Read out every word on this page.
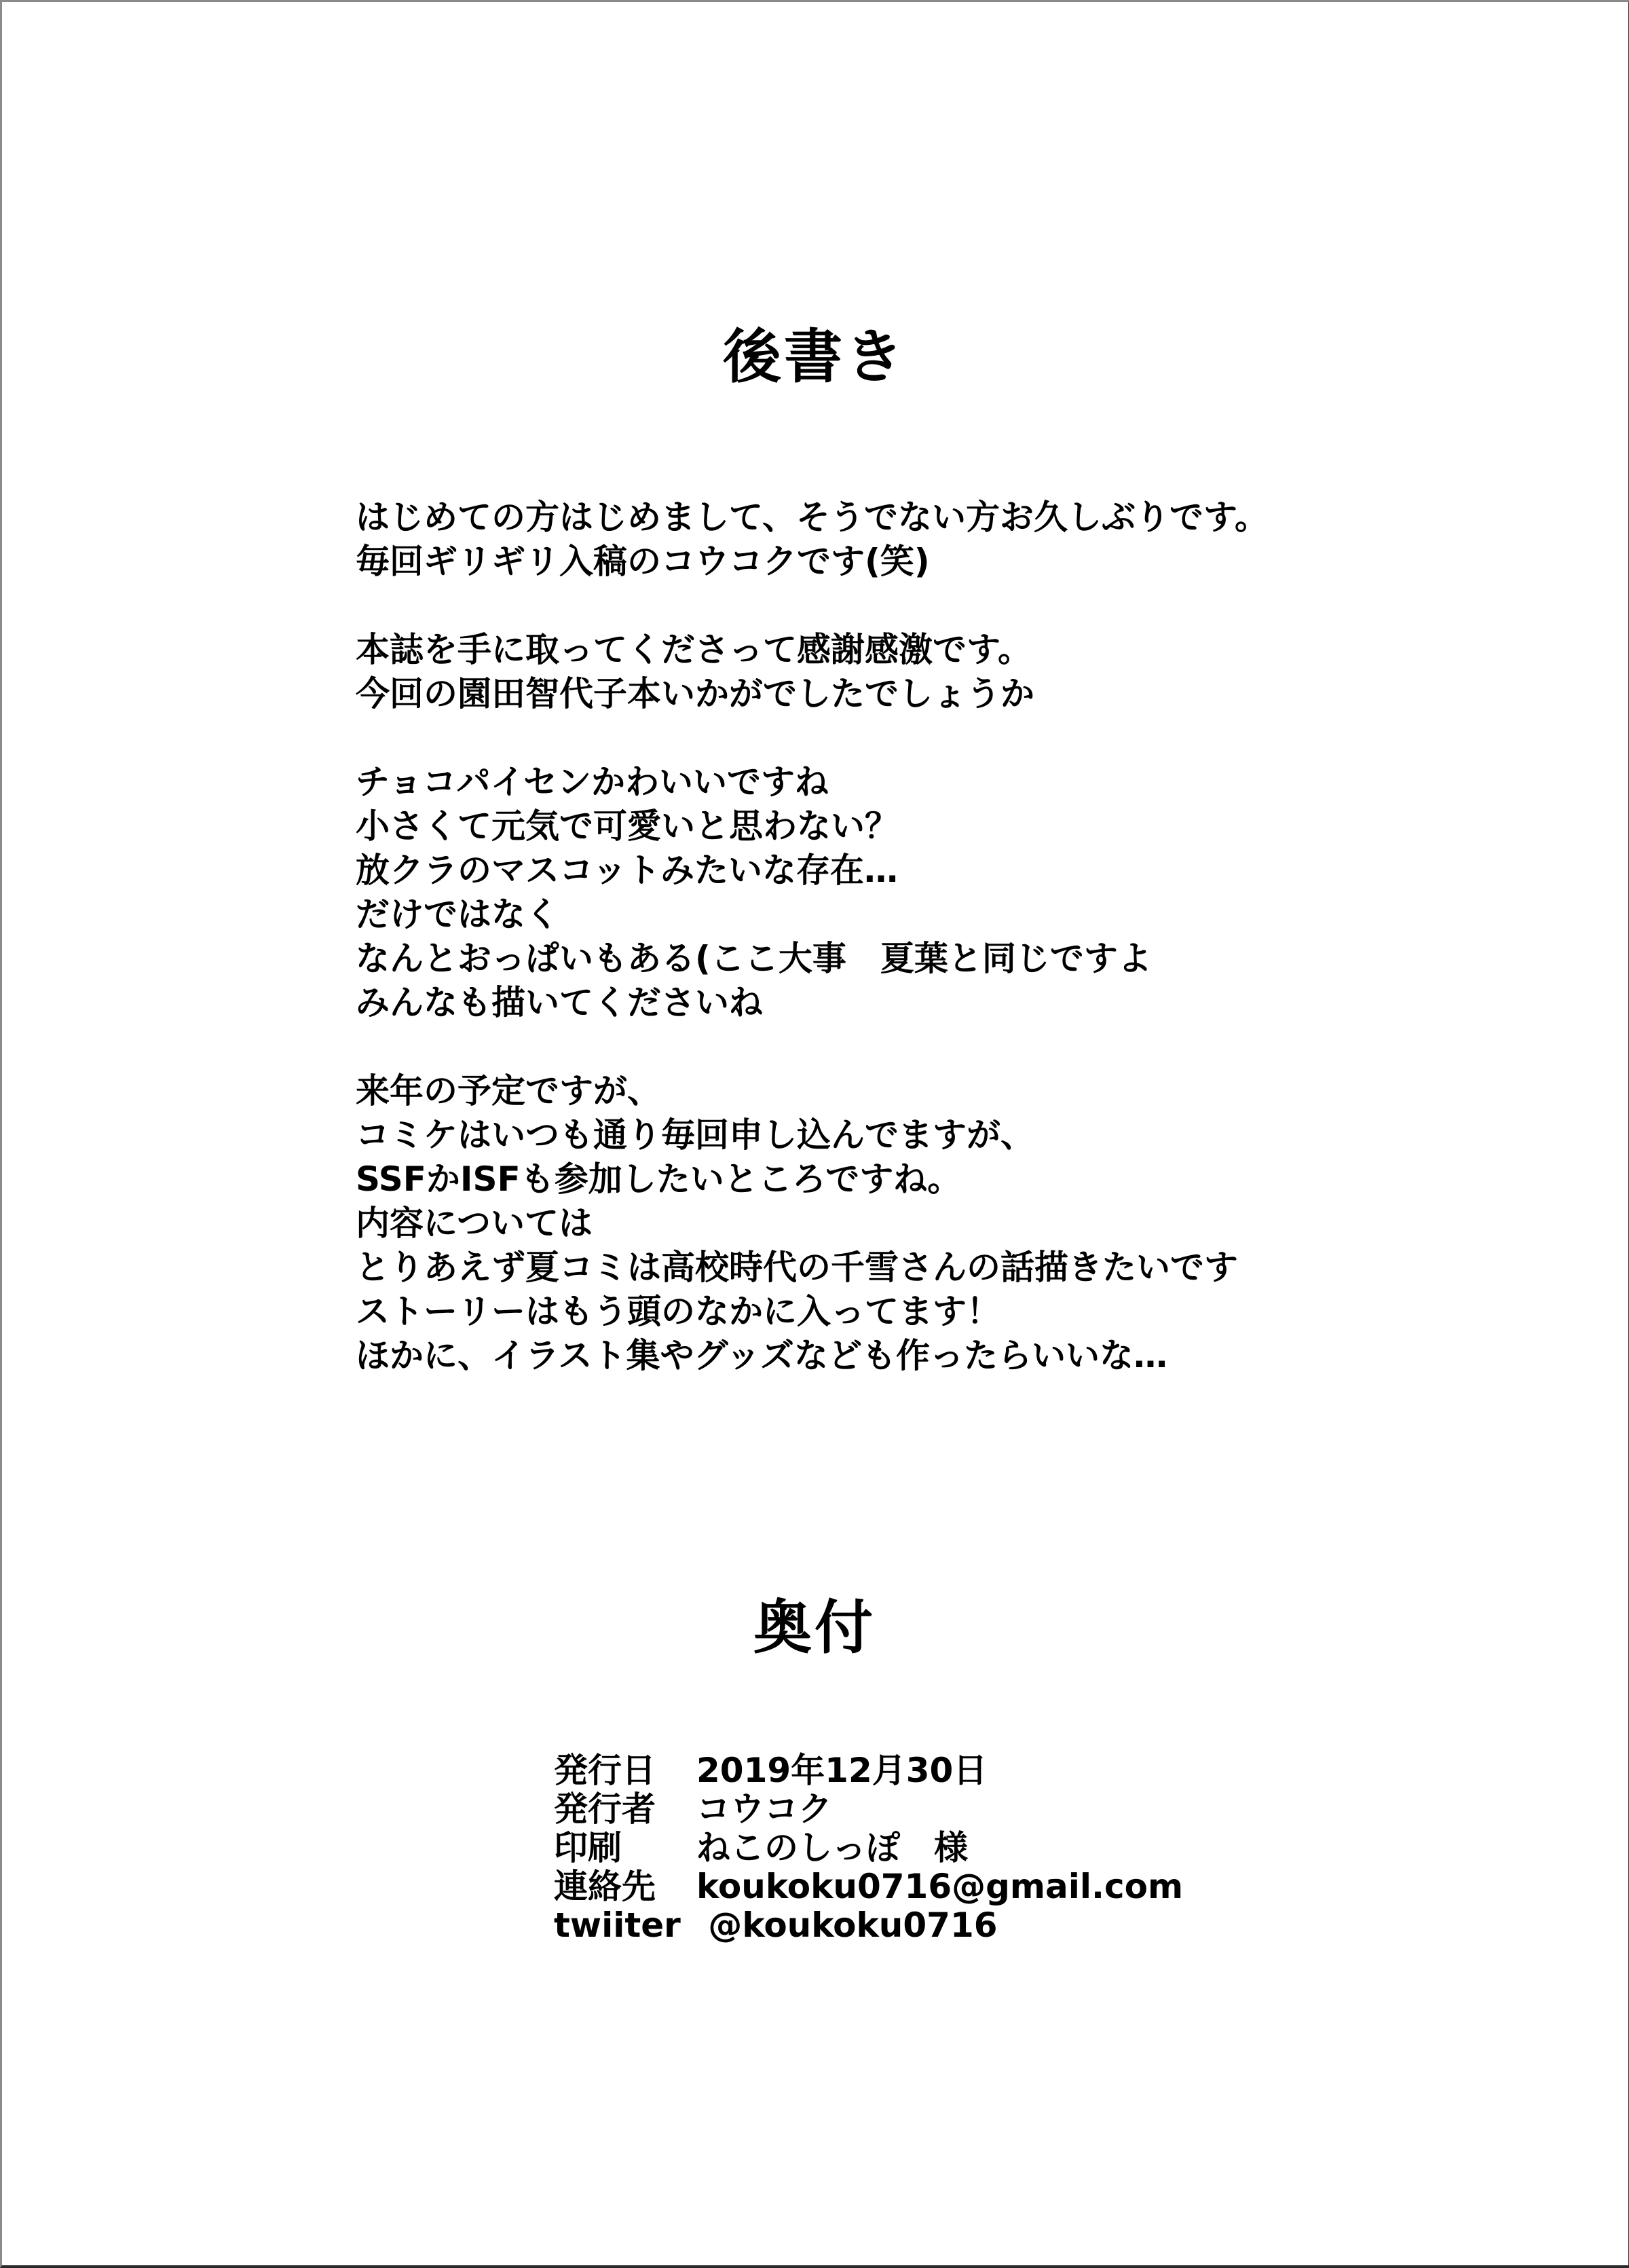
後書き
はじめての方はじめまして、そうでない方お久しぶりです。
毎回ギリギリ入稿のコウコクです(笑)
本誌を手に取ってくださって感謝感激です。
今回の園田智代子本いかがでしたでしょうか
チョコパイセンかわいいですね
小さくて元気で可愛いと思わない？
放クラのマスコットみたいな存在…
だけではなく
なんとおっぱいもある(ここ大事　夏葉と同じですよ
みんなも描いてくださいね
来年の予定ですが、
コミケはいつも通り毎回申し込んでますが、
SSFかISFも参加したいところですね。
内容については
とりあえず夏コミは高校時代の千雪さんの話描きたいです
ストーリーはもう頭のなかに入ってます！
ほかに、イラスト集やグッズなども作ったらいいな…
奥付
発行日	2019年12月30日
発行者	コウコク
印刷	ねこのしっぽ　様
連絡先	koukoku0716@gmail.com
twiiter @koukoku0716
